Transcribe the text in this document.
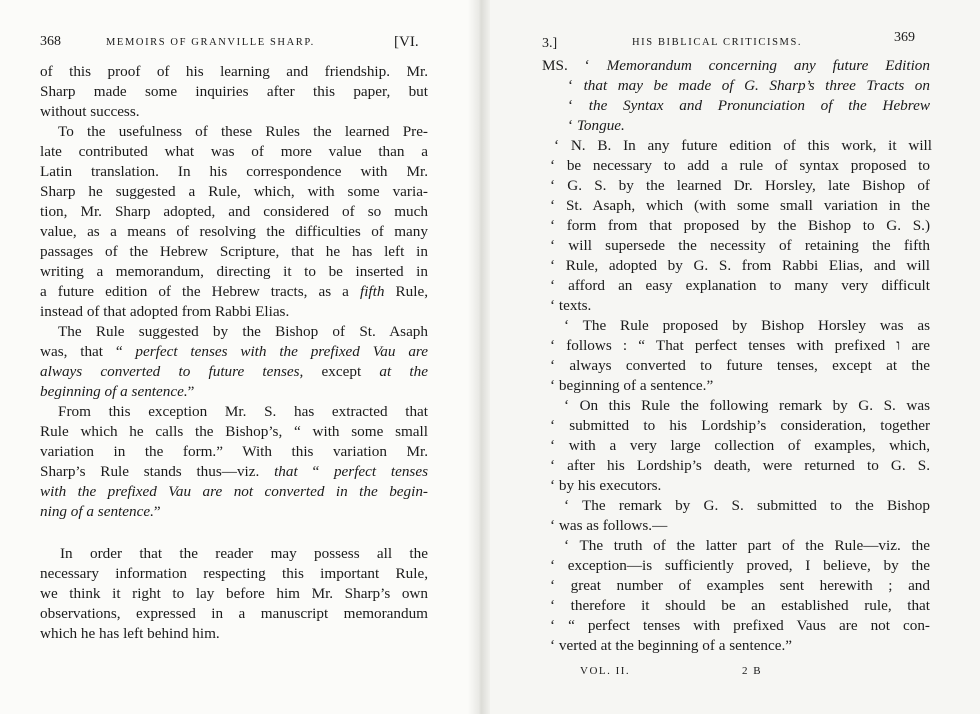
368	MEMOIRS OF GRANVILLE SHARP.	[VI.
of this proof of his learning and friendship. Mr.
Sharp made some inquiries after this paper, but
without success.
To the usefulness of these Rules the learned Pre-
late contributed what was of more value than a
Latin translation. In his correspondence with Mr.
Sharp he suggested a Rule, which, with some varia-
tion, Mr. Sharp adopted, and considered of so much
value, as a means of resolving the difficulties of many
passages of the Hebrew Scripture, that he has left in
writing a memorandum, directing it to be inserted in
a future edition of the Hebrew tracts, as a fifth Rule,
instead of that adopted from Rabbi Elias.
The Rule suggested by the Bishop of St. Asaph
was, that “ perfect tenses with the prefixed Vau are
always converted to future tenses, except at the
beginning of a sentence.”
From this exception Mr. S. has extracted that
Rule which he calls the Bishop’s, “ with some small
variation in the form.” With this variation Mr.
Sharp’s Rule stands thus—viz. that “ perfect tenses
with the prefixed Vau are not converted in the begin-
ning of a sentence.”
In order that the reader may possess all the
necessary information respecting this important Rule,
we think it right to lay before him Mr. Sharp’s own
observations, expressed in a manuscript memorandum
which he has left behind him.
3.]	HIS BIBLICAL CRITICISMS.	369
MS. ‘ Memorandum concerning any future Edition
‘ that may be made of G. Sharp’s three Tracts on
‘ the Syntax and Pronunciation of the Hebrew
‘ Tongue.
‘ N. B. In any future edition of this work, it will
‘ be necessary to add a rule of syntax proposed to
‘ G. S. by the learned Dr. Horsley, late Bishop of
‘ St. Asaph, which (with some small variation in the
‘ form from that proposed by the Bishop to G. S.)
‘ will supersede the necessity of retaining the fifth
‘ Rule, adopted by G. S. from Rabbi Elias, and will
‘ afford an easy explanation to many very difficult
‘ texts.
‘ The Rule proposed by Bishop Horsley was as
‘ follows : “ That perfect tenses with prefixed ו are
‘ always converted to future tenses, except at the
‘ beginning of a sentence.”
‘ On this Rule the following remark by G. S. was
‘ submitted to his Lordship’s consideration, together
‘ with a very large collection of examples, which,
‘ after his Lordship’s death, were returned to G. S.
‘ by his executors.
‘ The remark by G. S. submitted to the Bishop
‘ was as follows.—
‘ The truth of the latter part of the Rule—viz. the
‘ exception—is sufficiently proved, I believe, by the
‘ great number of examples sent herewith ; and
‘ therefore it should be an established rule, that
‘ “ perfect tenses with prefixed Vaus are not con-
‘ verted at the beginning of a sentence.”
VOL. II.	2 B
